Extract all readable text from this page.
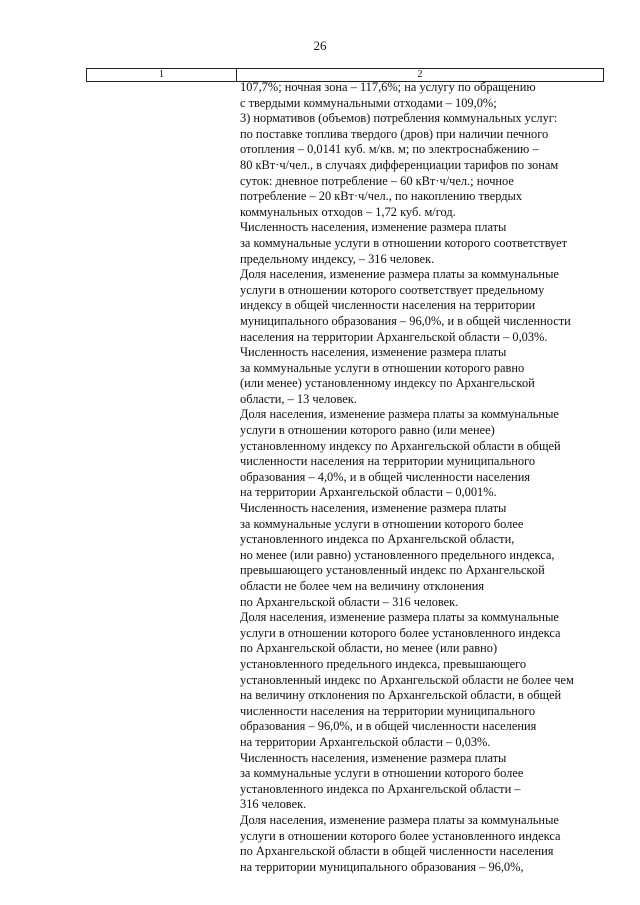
26
1	2
107,7%; ночная зона – 117,6%; на услугу по обращению
с твердыми коммунальными отходами – 109,0%;
3) нормативов (объемов) потребления коммунальных услуг:
по поставке топлива твердого (дров) при наличии печного
отопления – 0,0141 куб. м/кв. м; по электроснабжению –
80 кВт·ч/чел., в случаях дифференциации тарифов по зонам
суток: дневное потребление – 60 кВт·ч/чел.; ночное
потребление – 20 кВт·ч/чел., по накоплению твердых
коммунальных отходов – 1,72 куб. м/год.
Численность населения, изменение размера платы
за коммунальные услуги в отношении которого соответствует
предельному индексу, – 316 человек.
Доля населения, изменение размера платы за коммунальные
услуги в отношении которого соответствует предельному
индексу в общей численности населения на территории
муниципального образования – 96,0%, и в общей численности
населения на территории Архангельской области – 0,03%.
Численность населения, изменение размера платы
за коммунальные услуги в отношении которого равно
(или менее) установленному индексу по Архангельской
области, – 13 человек.
Доля населения, изменение размера платы за коммунальные
услуги в отношении которого равно (или менее)
установленному индексу по Архангельской области в общей
численности населения на территории муниципального
образования – 4,0%, и в общей численности населения
на территории Архангельской области – 0,001%.
Численность населения, изменение размера платы
за коммунальные услуги в отношении которого более
установленного индекса по Архангельской области,
но менее (или равно) установленного предельного индекса,
превышающего установленный индекс по Архангельской
области не более чем на величину отклонения
по Архангельской области – 316 человек.
Доля населения, изменение размера платы за коммунальные
услуги в отношении которого более установленного индекса
по Архангельской области, но менее (или равно)
установленного предельного индекса, превышающего
установленный индекс по Архангельской области не более чем
на величину отклонения по Архангельской области, в общей
численности населения на территории муниципального
образования – 96,0%, и в общей численности населения
на территории Архангельской области – 0,03%.
Численность населения, изменение размера платы
за коммунальные услуги в отношении которого более
установленного индекса по Архангельской области –
316 человек.
Доля населения, изменение размера платы за коммунальные
услуги в отношении которого более установленного индекса
по Архангельской области в общей численности населения
на территории муниципального образования – 96,0%,
